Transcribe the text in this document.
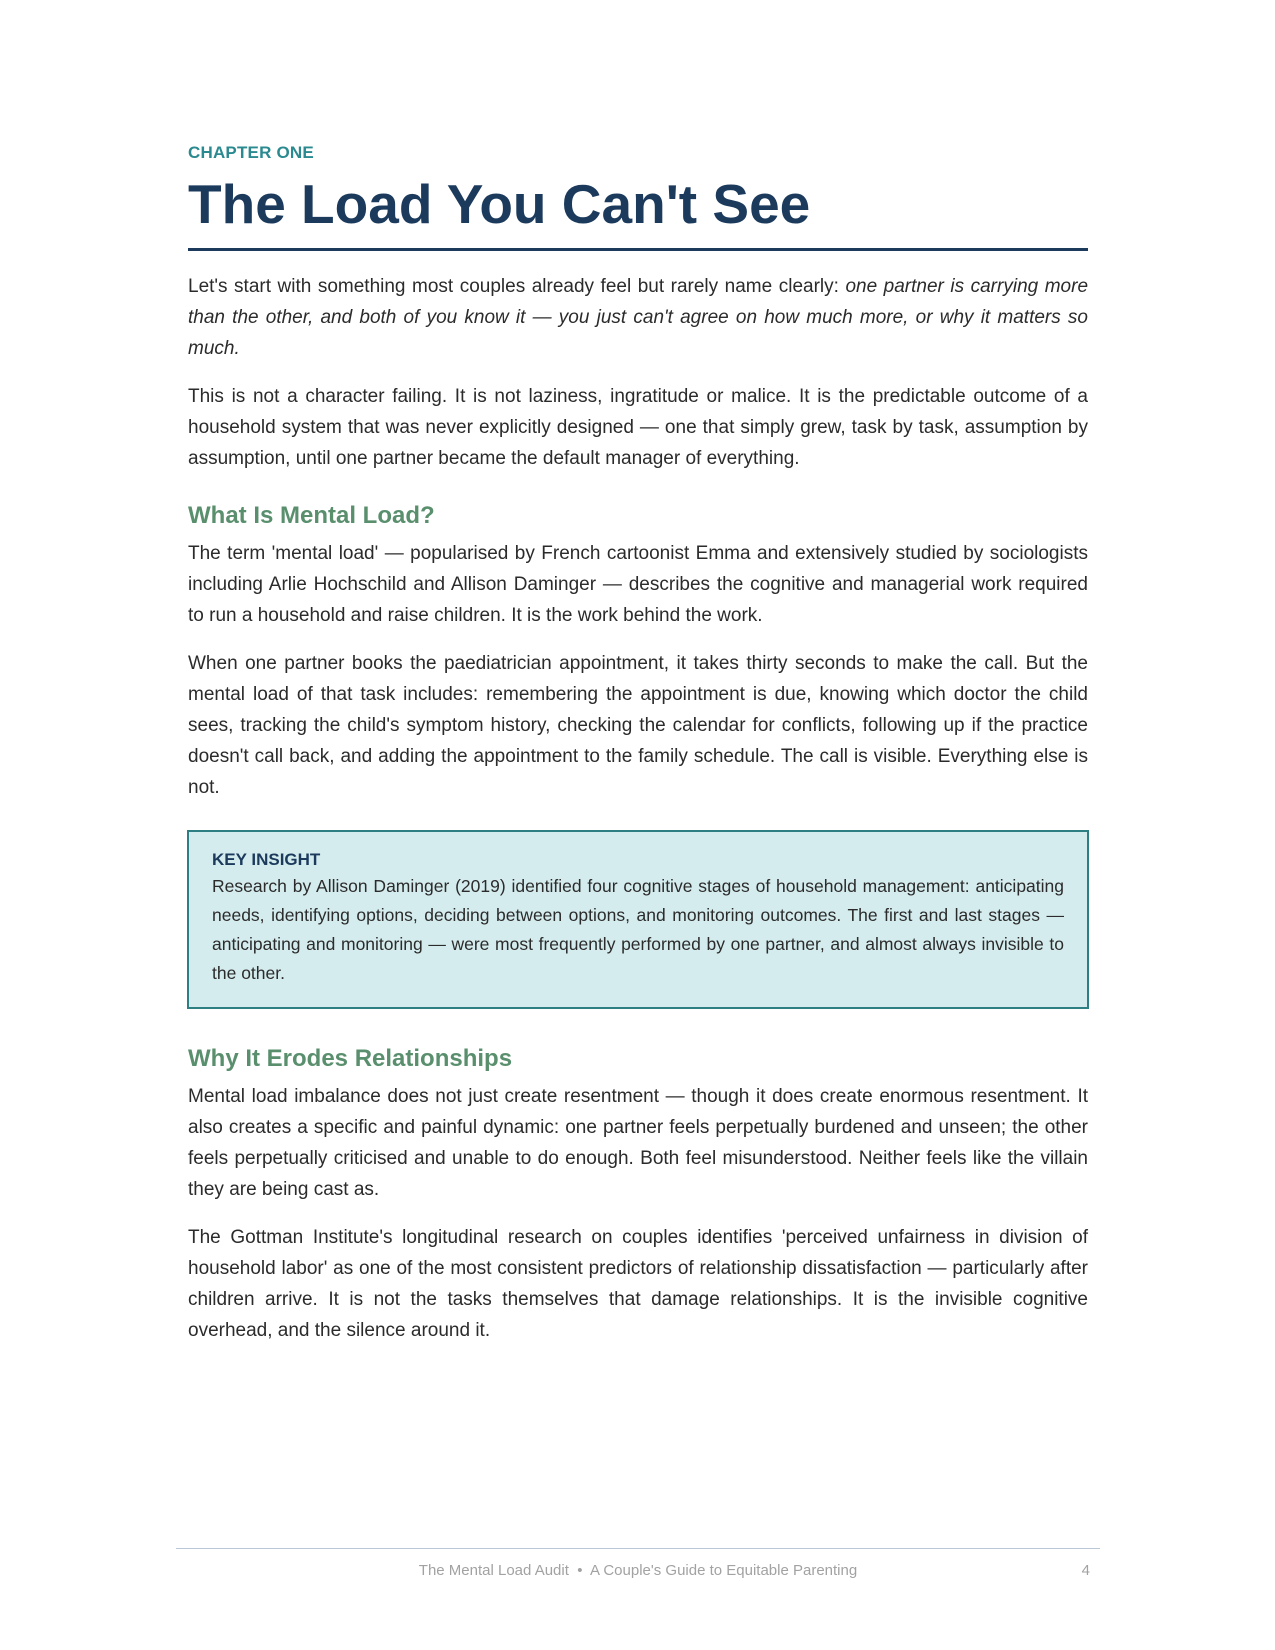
CHAPTER ONE
The Load You Can't See

Let's start with something most couples already feel but rarely name clearly: one partner is carrying more than the other, and both of you know it — you just can't agree on how much more, or why it matters so much.

This is not a character failing. It is not laziness, ingratitude or malice. It is the predictable outcome of a household system that was never explicitly designed — one that simply grew, task by task, assumption by assumption, until one partner became the default manager of everything.

What Is Mental Load?

The term 'mental load' — popularised by French cartoonist Emma and extensively studied by sociologists including Arlie Hochschild and Allison Daminger — describes the cognitive and managerial work required to run a household and raise children. It is the work behind the work.

When one partner books the paediatrician appointment, it takes thirty seconds to make the call. But the mental load of that task includes: remembering the appointment is due, knowing which doctor the child sees, tracking the child's symptom history, checking the calendar for conflicts, following up if the practice doesn't call back, and adding the appointment to the family schedule. The call is visible. Everything else is not.

KEY INSIGHT

Research by Allison Daminger (2019) identified four cognitive stages of household management: anticipating needs, identifying options, deciding between options, and monitoring outcomes. The first and last stages — anticipating and monitoring — were most frequently performed by one partner, and almost always invisible to the other.

Why It Erodes Relationships

Mental load imbalance does not just create resentment — though it does create enormous resentment. It also creates a specific and painful dynamic: one partner feels perpetually burdened and unseen; the other feels perpetually criticised and unable to do enough. Both feel misunderstood. Neither feels like the villain they are being cast as.

The Gottman Institute's longitudinal research on couples identifies 'perceived unfairness in division of household labor' as one of the most consistent predictors of relationship dissatisfaction — particularly after children arrive. It is not the tasks themselves that damage relationships. It is the invisible cognitive overhead, and the silence around it.

The Mental Load Audit  •  A Couple's Guide to Equitable Parenting	4
